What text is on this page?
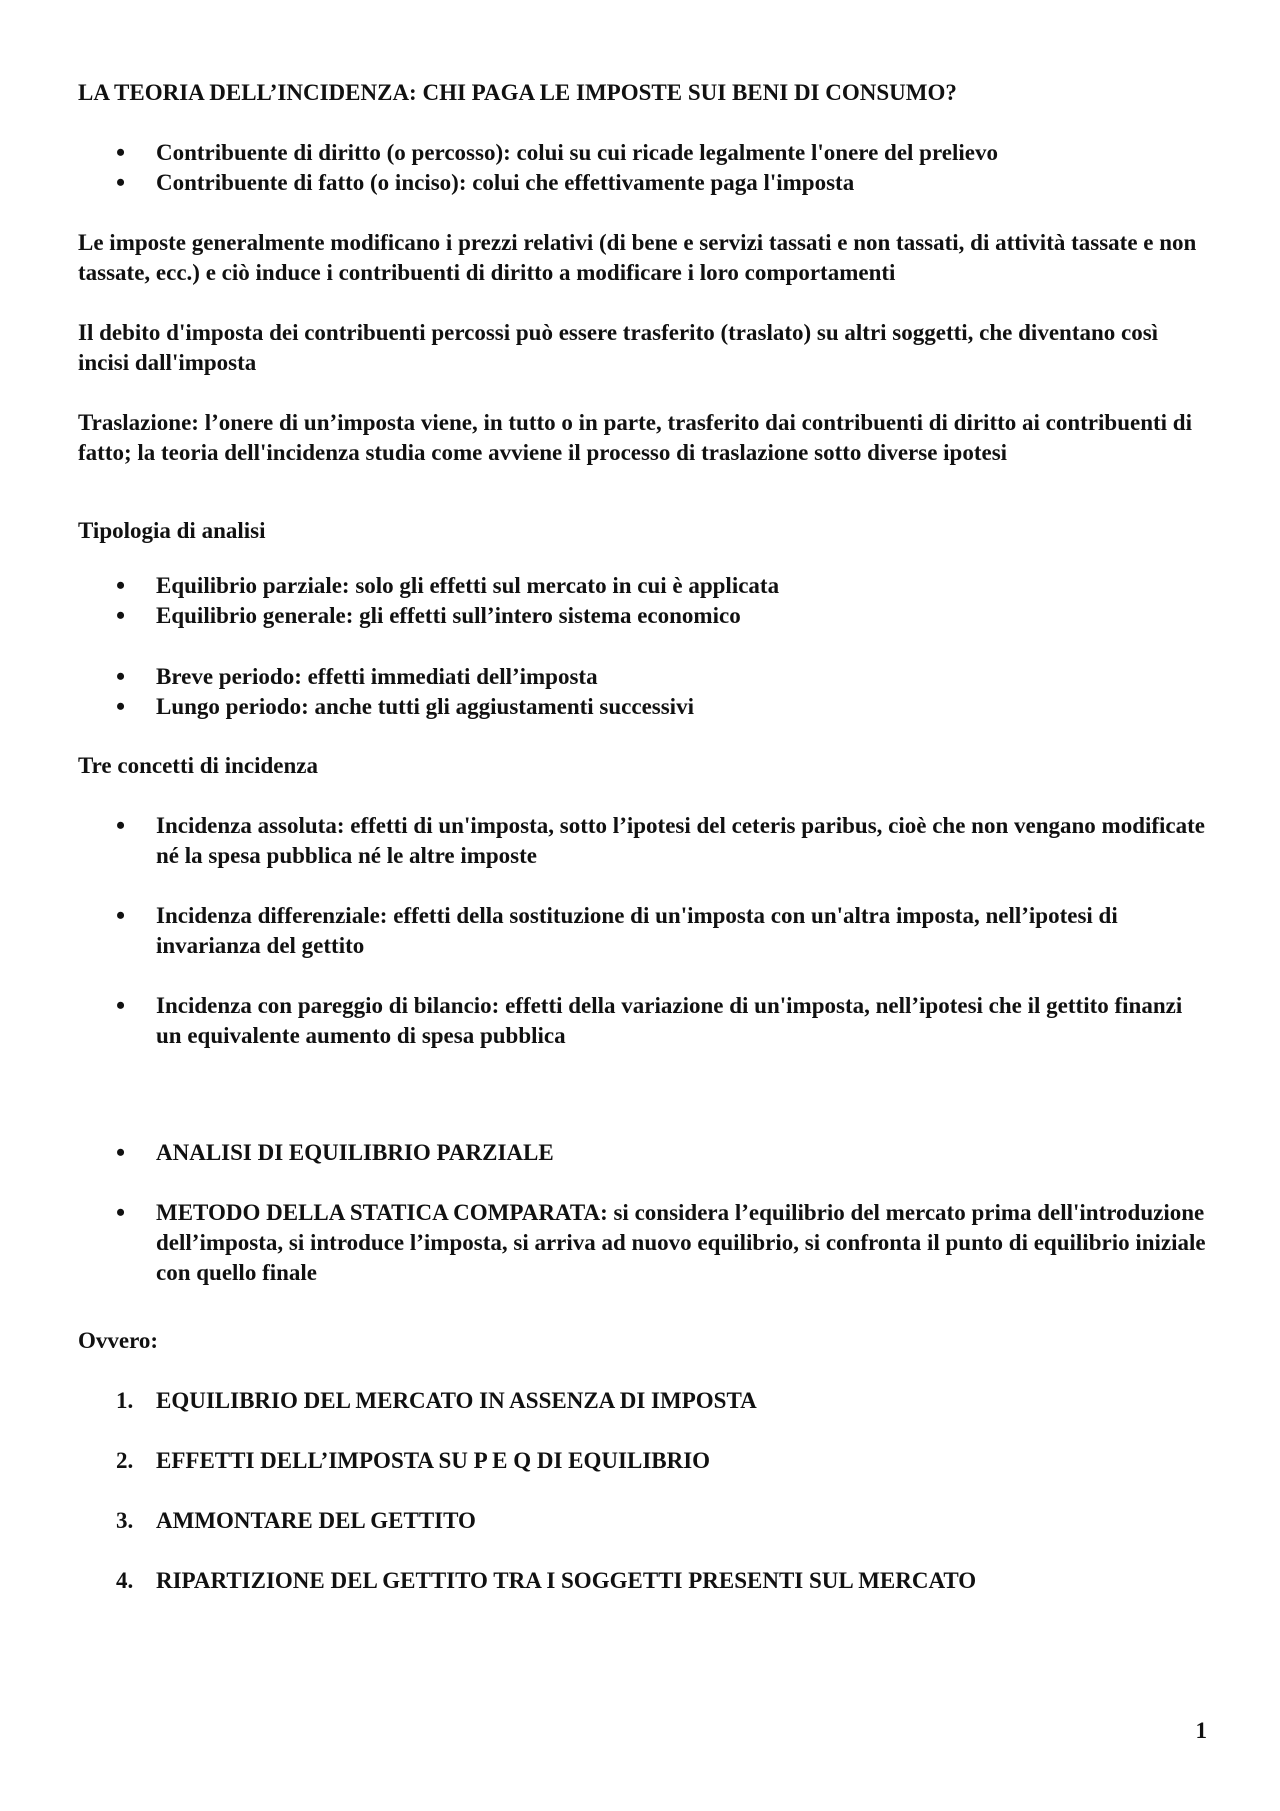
LA TEORIA DELL’INCIDENZA: CHI PAGA LE IMPOSTE SUI BENI DI CONSUMO?
• Contribuente di diritto (o percosso): colui su cui ricade legalmente l'onere del prelievo
• Contribuente di fatto (o inciso): colui che effettivamente paga l'imposta

Le imposte generalmente modificano i prezzi relativi (di bene e servizi tassati e non tassati, di attività tassate e non tassate, ecc.) e ciò induce i contribuenti di diritto a modificare i loro comportamenti

Il debito d'imposta dei contribuenti percossi può essere trasferito (traslato) su altri soggetti, che diventano così incisi dall'imposta

Traslazione: l’onere di un’imposta viene, in tutto o in parte, trasferito dai contribuenti di diritto ai contribuenti di fatto; la teoria dell'incidenza studia come avviene il processo di traslazione sotto diverse ipotesi

Tipologia di analisi

• Equilibrio parziale: solo gli effetti sul mercato in cui è applicata
• Equilibrio generale: gli effetti sull’intero sistema economico
• Breve periodo: effetti immediati dell’imposta
• Lungo periodo: anche tutti gli aggiustamenti successivi

Tre concetti di incidenza

• Incidenza assoluta: effetti di un'imposta, sotto l’ipotesi del ceteris paribus, cioè che non vengano modificate né la spesa pubblica né le altre imposte
• Incidenza differenziale: effetti della sostituzione di un'imposta con un'altra imposta, nell’ipotesi di invarianza del gettito
• Incidenza con pareggio di bilancio: effetti della variazione di un'imposta, nell’ipotesi che il gettito finanzi un equivalente aumento di spesa pubblica
• ANALISI DI EQUILIBRIO PARZIALE
• METODO DELLA STATICA COMPARATA: si considera l’equilibrio del mercato prima dell'introduzione dell’imposta, si introduce l’imposta, si arriva ad nuovo equilibrio, si confronta il punto di equilibrio iniziale con quello finale

Ovvero:

1. EQUILIBRIO DEL MERCATO IN ASSENZA DI IMPOSTA
2. EFFETTI DELL’IMPOSTA SU P E Q DI EQUILIBRIO
3. AMMONTARE DEL GETTITO
4. RIPARTIZIONE DEL GETTITO TRA I SOGGETTI PRESENTI SUL MERCATO
1
